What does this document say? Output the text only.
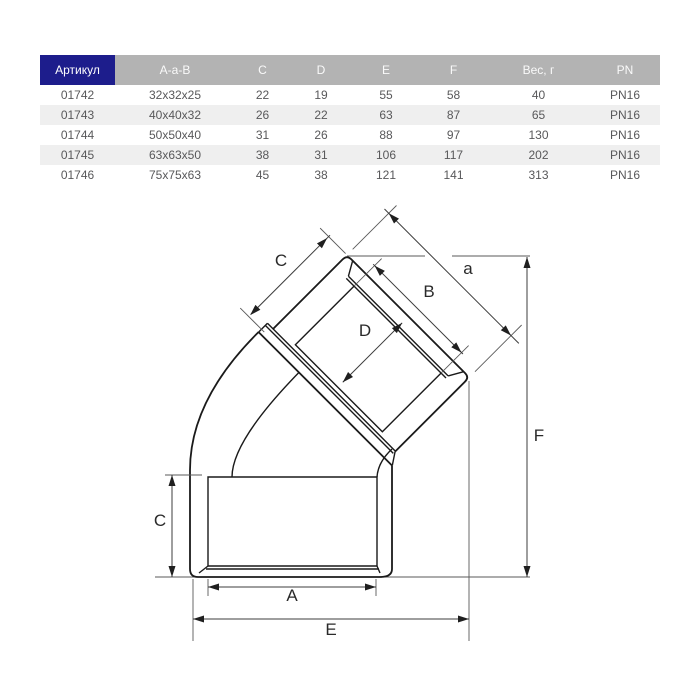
Артикул	A-a-B	C	D	E	F	Вес, г	PN
01742	32x32x25	22	19	55	58	40	PN16
01743	40x40x32	26	22	63	87	65	PN16
01744	50x50x40	31	26	88	97	130	PN16
01745	63x63x50	38	31	106	117	202	PN16
01746	75x75x63	45	38	121	141	313	PN16
C	a
B
D
F
C
A
E
